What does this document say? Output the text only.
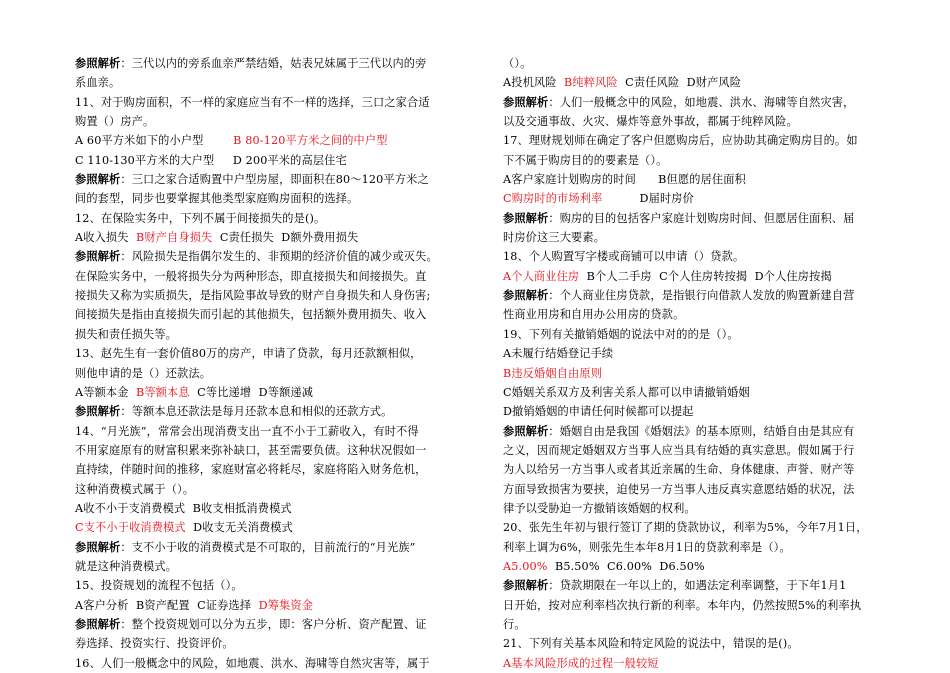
参照解析：三代以内的旁系血亲严禁结婚，姑表兄妹属于三代以内的旁
系血亲。
11、对于购房面积，不一样的家庭应当有不一样的选择，三口之家合适
购置（）房产。
A 60平方米如下的小户型	B 80-120平方米之间的中户型
C 110-130平方米的大户型 D 200平米的高层住宅
参照解析：三口之家合适购置中户型房屋，即面积在80～120平方米之
间的套型，同步也要掌握其他类型家庭购房面积的选择。
12、在保险实务中，下列不属于间接损失的是()。
A收入损失  B财产自身损失  C责任损失  D额外费用损失
参照解析：风险损失是指偶尔发生的、非预期的经济价值的减少或灭失。
在保险实务中，一般将损失分为两种形态，即直接损失和间接损失。直
接损失又称为实质损失，是指风险事故导致的财产自身损失和人身伤害;
间接损失是指由直接损失而引起的其他损失，包括额外费用损失、收入
损失和责任损失等。
13、赵先生有一套价值80万的房产，申请了贷款，每月还款额相似，
则他申请的是（）还款法。
A等额本金  B等额本息  C等比递增  D等额递减
参照解析：等额本息还款法是每月还款本息和相似的还款方式。
14、“月光族”，常常会出现消费支出一直不小于工薪收入，有时不得
不用家庭原有的财富积累来弥补缺口，甚至需要负债。这种状况假如一
直持续，伴随时间的推移，家庭财富必将耗尽，家庭将陷入财务危机，
这种消费模式属于（）。
A收不小于支消费模式  B收支相抵消费模式
C支不小于收消费模式  D收支无关消费模式
参照解析：支不小于收的消费模式是不可取的，目前流行的“月光族”
就是这种消费模式。
15、投资规划的流程不包括（）。
A客户分析  B资产配置  C证券选择  D筹集资金
参照解析：整个投资规划可以分为五步，即：客户分析、资产配置、证
券选择、投资实行、投资评价。
16、人们一般概念中的风险，如地震、洪水、海啸等自然灾害等，属于
（）。
A投机风险  B纯粹风险  C责任风险  D财产风险
参照解析：人们一般概念中的风险，如地震、洪水、海啸等自然灾害，
以及交通事故、火灾、爆炸等意外事故，都属于纯粹风险。
17、理财规划师在确定了客户但愿购房后，应协助其确定购房目的。如
下不属于购房目的的要素是（）。
A客户家庭计划购房的时间      B但愿的居住面积
C购房时的市场利率          D届时房价
参照解析：购房的目的包括客户家庭计划购房时间、但愿居住面积、届
时房价这三大要素。
18、个人购置写字楼或商铺可以申请（）贷款。
A个人商业住房  B个人二手房  C个人住房转按揭  D个人住房按揭
参照解析：个人商业住房贷款，是指银行向借款人发放的购置新建自营
性商业用房和自用办公用房的贷款。
19、下列有关撤销婚姻的说法中对的的是（）。
A未履行结婚登记手续
B违反婚姻自由原则
C婚姻关系双方及利害关系人都可以申请撤销婚姻
D撤销婚姻的申请任何时候都可以提起
参照解析：婚姻自由是我国《婚姻法》的基本原则，结婚自由是其应有
之义，因而规定婚姻双方当事人应当具有结婚的真实意思。假如属于行
为人以给另一方当事人或者其近亲属的生命、身体健康、声誉、财产等
方面导致损害为要挟，迫使另一方当事人违反真实意愿结婚的状况，法
律予以受胁迫一方撤销该婚姻的权利。
20、张先生年初与银行签订了期的贷款协议，利率为5%，今年7月1日，
利率上调为6%，则张先生本年8月1日的贷款利率是（）。
A5.00%  B5.50%  C6.00%  D6.50%
参照解析：贷款期限在一年以上的，如遇法定利率调整，于下年1月1
日开始，按对应利率档次执行新的利率。本年内，仍然按照5%的利率执
行。
21、下列有关基本风险和特定风险的说法中，错误的是()。
A基本风险形成的过程一般较短
